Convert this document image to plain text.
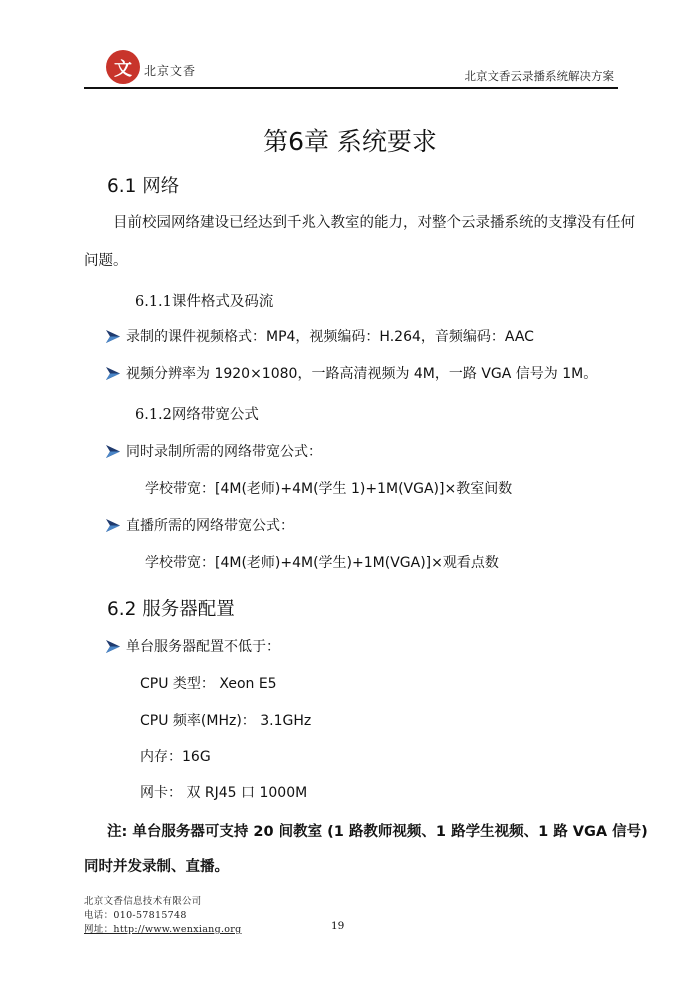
文	北京文香	北京文香云录播系统解决方案
第6章 系统要求
6.1 网络
目前校园网络建设已经达到千兆入教室的能力，对整个云录播系统的支撑没有任何
问题。
6.1.1课件格式及码流
录制的课件视频格式：MP4，视频编码：H.264，音频编码：AAC
视频分辨率为 1920×1080，一路高清视频为 4M，一路 VGA 信号为 1M。
6.1.2网络带宽公式
同时录制所需的网络带宽公式：
学校带宽：[4M(老师)+4M(学生 1)+1M(VGA)]×教室间数
直播所需的网络带宽公式：
学校带宽：[4M(老师)+4M(学生)+1M(VGA)]×观看点数
6.2 服务器配置
单台服务器配置不低于：
CPU 类型： Xeon E5
CPU 频率(MHz)： 3.1GHz
内存：16G
网卡： 双 RJ45 口 1000M
注: 单台服务器可支持 20 间教室 (1 路教师视频、1 路学生视频、1 路 VGA 信号)
同时并发录制、直播。
北京文香信息技术有限公司
电话：010-57815748
网址：http://www.wenxiang.org	19
